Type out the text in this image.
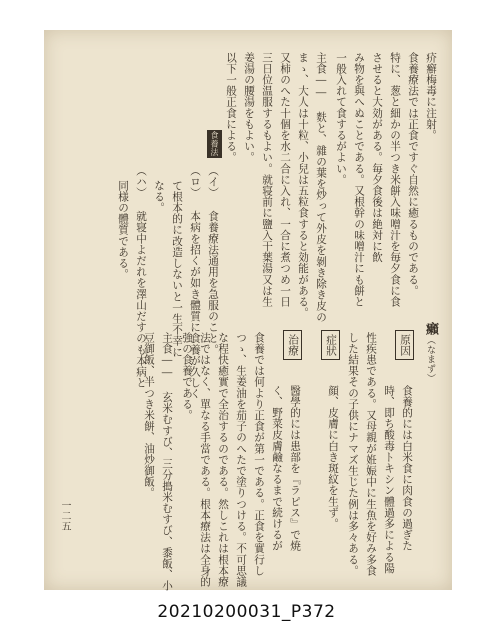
疥癬梅毒に注射。
食養療法では正食ですぐ自然に癒るものである。
特に、葱と細かの半つき米餅入味噌汁を毎夕食に食
させると大効がある。毎夕食後は絶対に飲
み物を與へぬことである。又根幹の味噌汁にも餅と
一般入れて食するがよい。
主食―― 麩と、雜の葉を炒って外皮を剝き除き皮の
まゝ、大人は十粒、小兒は五粒食すると効能がある。
又柿のへた十個を水二合に入れ、一合に煮つめ一日
三日位温服するもよい。就寝前に鹽入干葉湯又は生
姜湯の腰湯をもよい。
以下一般正食による。
食養法
（イ） 食養療法通用を急服のこと。
（ロ） 本病を招くが如き體質に食養が久しく
て根本的に改造しないと一生不幸に
なる。
（ハ） 就寝中よだれを澤山だすのも本病と
同様の體質である。
癩（なまず）
原因
食養的には白米食に肉食の過ぎた
時、即ち酸毒トキシン體過多による陽
性疾患である。又母親が姙娠中に生魚を好み多食
した結果その子供にナマズ生じた例は多々ある。
症狀
顔、皮膚に白き斑紋を生ず。
治療
醫學的には患部を『ラピス』で焼
く、野菜皮膚鹼なるまで続けるが
食養では何より正食が第一である。正食を實行し
つゝ、生姜油を茄子のへたで塗りつける。不可思議
な程快癒實で全治するのである。然しこれは根本療
法ではなく、單なる手當である。根本療法は全身的
強の食養である。
主食―― 玄米むすび、三分搗米むすび、黍飯、小
豆御飯、半つき米餅、油炒御飯。
一二五
20210200031_P372
